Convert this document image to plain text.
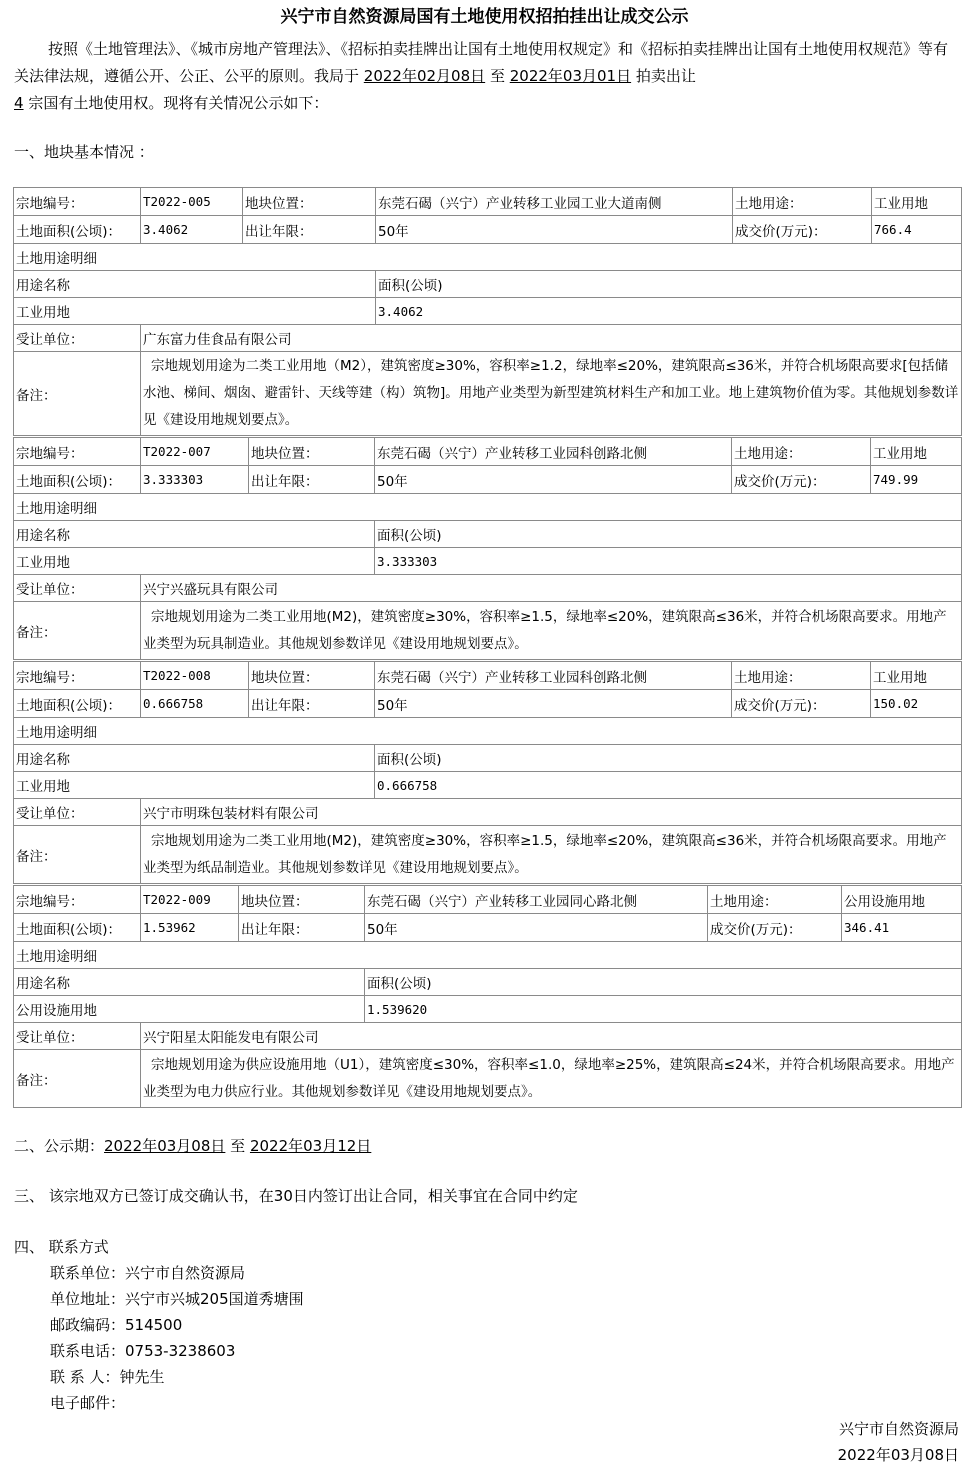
兴宁市自然资源局国有土地使用权招拍挂出让成交公示
按照《土地管理法》、《城市房地产管理法》、《招标拍卖挂牌出让国有土地使用权规定》和《招标拍卖挂牌出让国有土地使用权规范》等有关法律法规，遵循公开、公正、公平的原则。我局于 2022年02月08日 至 2022年03月01日 拍卖出让
4 宗国有土地使用权。现将有关情况公示如下：
一、地块基本情况 ：
宗地编号：	T2022-005	地块位置：	东莞石碣（兴宁）产业转移工业园工业大道南侧	土地用途：	工业用地
土地面积(公顷)：	3.4062	出让年限：	50年	成交价(万元)：	766.4
土地用途明细					
用途名称			面积(公顷)		
工业用地			3.4062		
受让单位：	广东富力佳食品有限公司				
备注：	宗地规划用途为二类工业用地（M2），建筑密度≥30%，容积率≥1.2，绿地率≤20%，建筑限高≤36米，并符合机场限高要求[包括储水池、梯间、烟囱、避雷针、天线等建（构）筑物]。用地产业类型为新型建筑材料生产和加工业。地上建筑物价值为零。其他规划参数详见《建设用地规划要点》。				
宗地编号：	T2022-007	地块位置：	东莞石碣（兴宁）产业转移工业园科创路北侧	土地用途：	工业用地
土地面积(公顷)：	3.333303	出让年限：	50年	成交价(万元)：	749.99
土地用途明细					
用途名称			面积(公顷)		
工业用地			3.333303		
受让单位：	兴宁兴盛玩具有限公司				
备注：	宗地规划用途为二类工业用地(M2)，建筑密度≥30%，容积率≥1.5，绿地率≤20%，建筑限高≤36米，并符合机场限高要求。用地产业类型为玩具制造业。其他规划参数详见《建设用地规划要点》。				
宗地编号：	T2022-008	地块位置：	东莞石碣（兴宁）产业转移工业园科创路北侧	土地用途：	工业用地
土地面积(公顷)：	0.666758	出让年限：	50年	成交价(万元)：	150.02
土地用途明细					
用途名称			面积(公顷)		
工业用地			0.666758		
受让单位：	兴宁市明珠包装材料有限公司				
备注：	宗地规划用途为二类工业用地(M2)，建筑密度≥30%，容积率≥1.5，绿地率≤20%，建筑限高≤36米，并符合机场限高要求。用地产业类型为纸品制造业。其他规划参数详见《建设用地规划要点》。				
宗地编号：	T2022-009	地块位置：	东莞石碣（兴宁）产业转移工业园同心路北侧	土地用途：	公用设施用地
土地面积(公顷)：	1.53962	出让年限：	50年	成交价(万元)：	346.41
土地用途明细					
用途名称			面积(公顷)		
公用设施用地			1.539620		
受让单位：	兴宁阳星太阳能发电有限公司				
备注：	宗地规划用途为供应设施用地（U1），建筑密度≤30%，容积率≤1.0，绿地率≥25%，建筑限高≤24米，并符合机场限高要求。用地产业类型为电力供应行业。其他规划参数详见《建设用地规划要点》。				
二、公示期：2022年03月08日 至 2022年03月12日
三、 该宗地双方已签订成交确认书，在30日内签订出让合同，相关事宜在合同中约定
四、 联系方式
联系单位：兴宁市自然资源局
单位地址：兴宁市兴城205国道秀塘围
邮政编码：514500
联系电话：0753-3238603
联 系 人：钟先生
电子邮件：
兴宁市自然资源局
2022年03月08日
